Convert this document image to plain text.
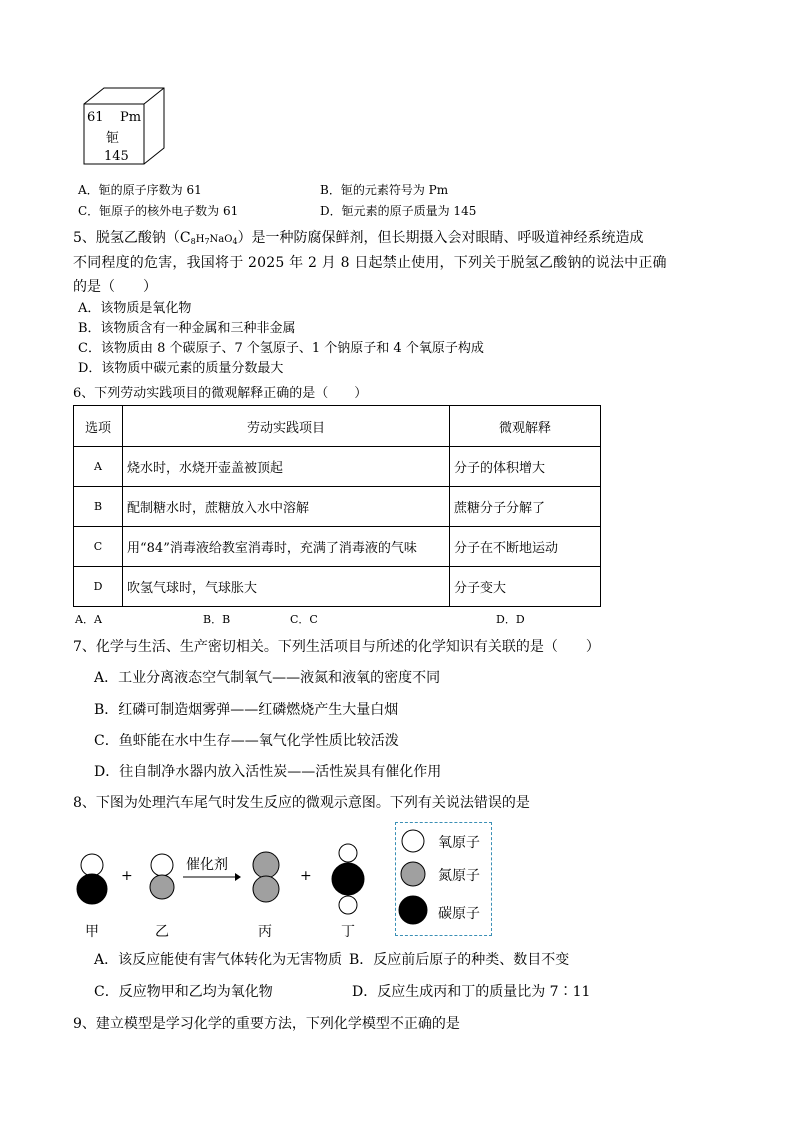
61 Pm
钷
145
A．钷的原子序数为 61	B．钷的元素符号为 Pm
C．钷原子的核外电子数为 61	D．钷元素的原子质量为 145
5、脱氢乙酸钠$(C_8H_7NaO_4)$是一种防腐保鲜剂，但长期摄入会对眼睛、呼吸道神经系统造成
不同程度的危害，我国将于 2025 年 2 月 8 日起禁止使用，下列关于脱氢乙酸钠的说法中正确
的是（　　）
A．该物质是氧化物
B．该物质含有一种金属和三种非金属
C．该物质由 8 个碳原子、7 个氢原子、1 个钠原子和 4 个氧原子构成
D．该物质中碳元素的质量分数最大
6、下列劳动实践项目的微观解释正确的是（　　）
选项	劳动实践项目	微观解释
A	烧水时，水烧开壶盖被顶起	分子的体积增大
B	配制糖水时，蔗糖放入水中溶解	蔗糖分子分解了
C	用“84”消毒液给教室消毒时，充满了消毒液的气味	分子在不断地运动
D	吹氢气球时，气球胀大	分子变大
A．A	B．B	C．C	D．D
7、化学与生活、生产密切相关。下列生活项目与所述的化学知识有关联的是（　　）
A．工业分离液态空气制氧气——液氮和液氧的密度不同
B．红磷可制造烟雾弹——红磷燃烧产生大量白烟
C．鱼虾能在水中生存——氧气化学性质比较活泼
D．往自制净水器内放入活性炭——活性炭具有催化作用
8、下图为处理汽车尾气时发生反应的微观示意图。下列有关说法错误的是
+	+
催化剂
甲	乙	丙	丁
氧原子
氮原子
碳原子
A．该反应能使有害气体转化为无害物质 B．反应前后原子的种类、数目不变
C．反应物甲和乙均为氧化物	D．反应生成丙和丁的质量比为 7∶11
9、建立模型是学习化学的重要方法，下列化学模型不正确的是
